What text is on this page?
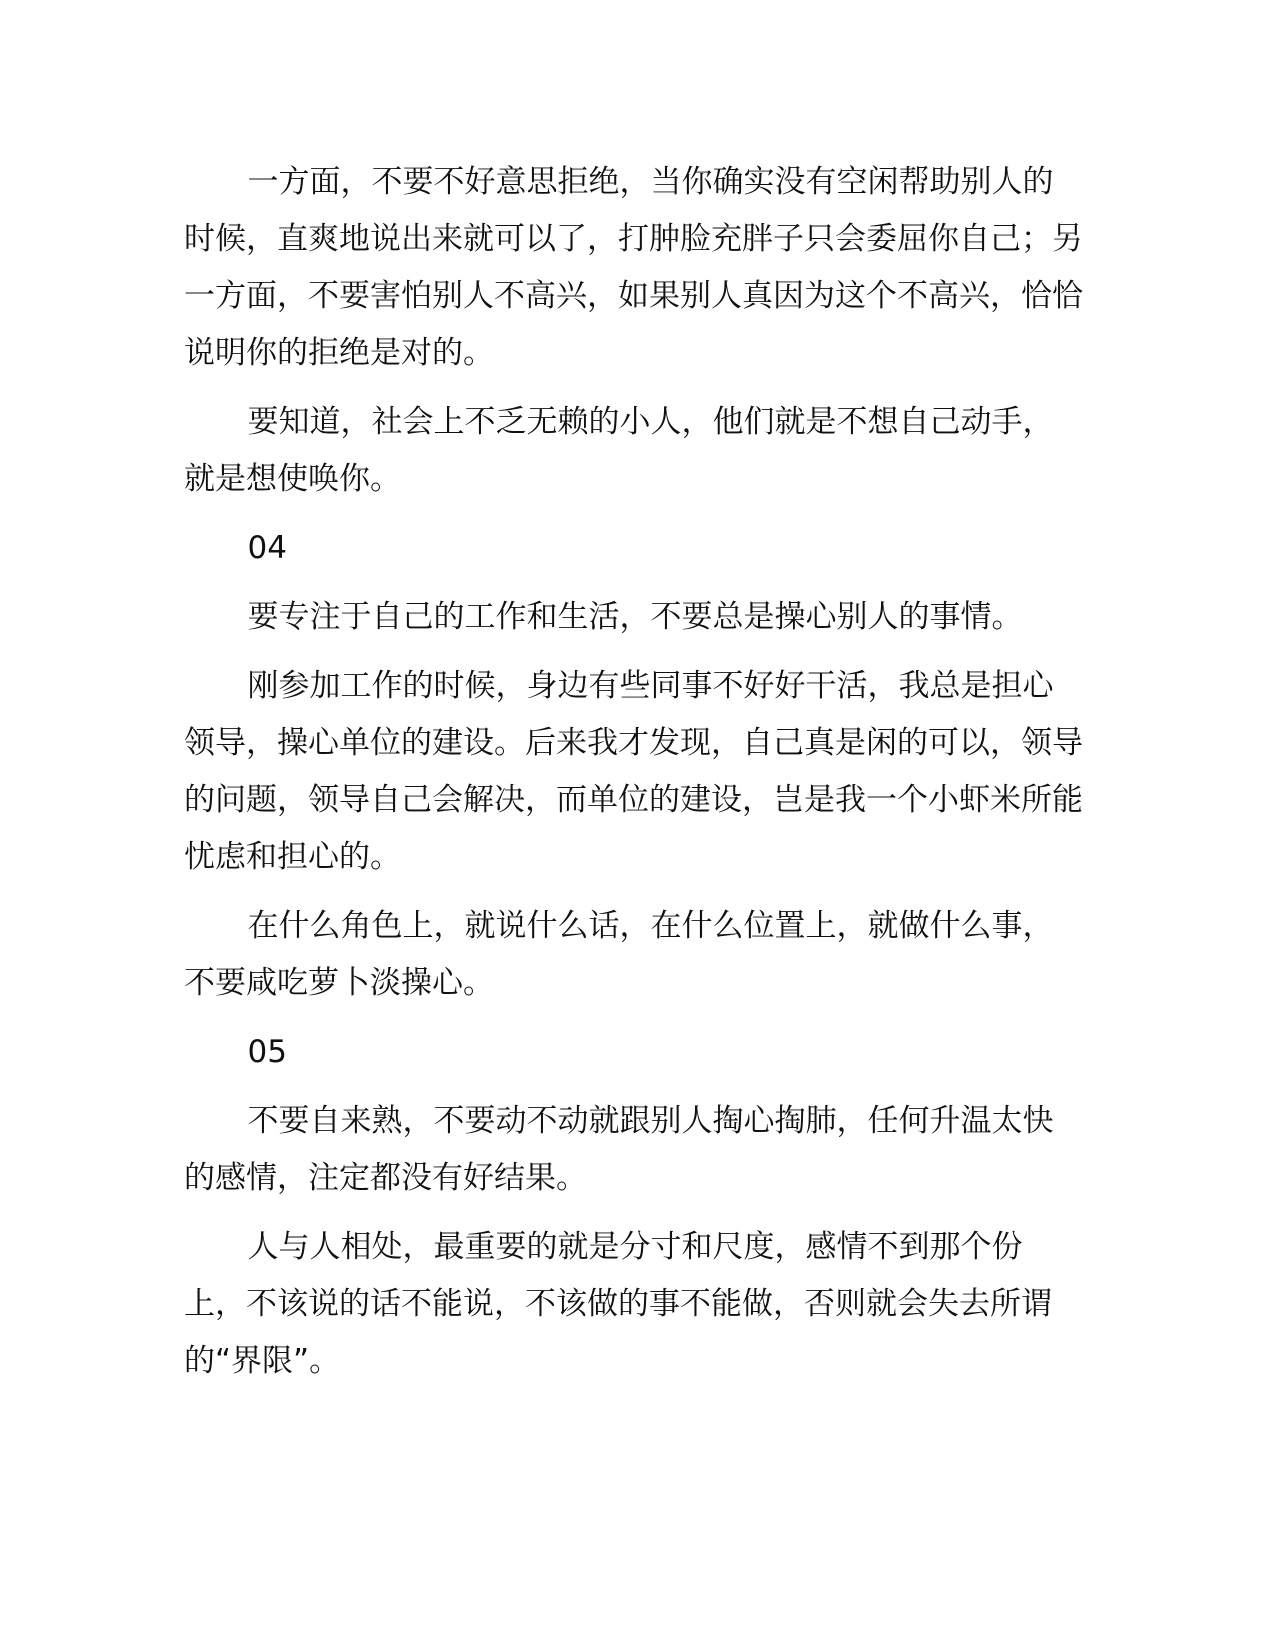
一方面，不要不好意思拒绝，当你确实没有空闲帮助别人的时候，直爽地说出来就可以了，打肿脸充胖子只会委屈你自己；另一方面，不要害怕别人不高兴，如果别人真因为这个不高兴，恰恰说明你的拒绝是对的。

要知道，社会上不乏无赖的小人，他们就是不想自己动手，就是想使唤你。

04

要专注于自己的工作和生活，不要总是操心别人的事情。

刚参加工作的时候，身边有些同事不好好干活，我总是担心领导，操心单位的建设。后来我才发现，自己真是闲的可以，领导的问题，领导自己会解决，而单位的建设，岂是我一个小虾米所能忧虑和担心的。

在什么角色上，就说什么话，在什么位置上，就做什么事，不要咸吃萝卜淡操心。

05

不要自来熟，不要动不动就跟别人掏心掏肺，任何升温太快的感情，注定都没有好结果。

人与人相处，最重要的就是分寸和尺度，感情不到那个份上，不该说的话不能说，不该做的事不能做，否则就会失去所谓的“界限”。
